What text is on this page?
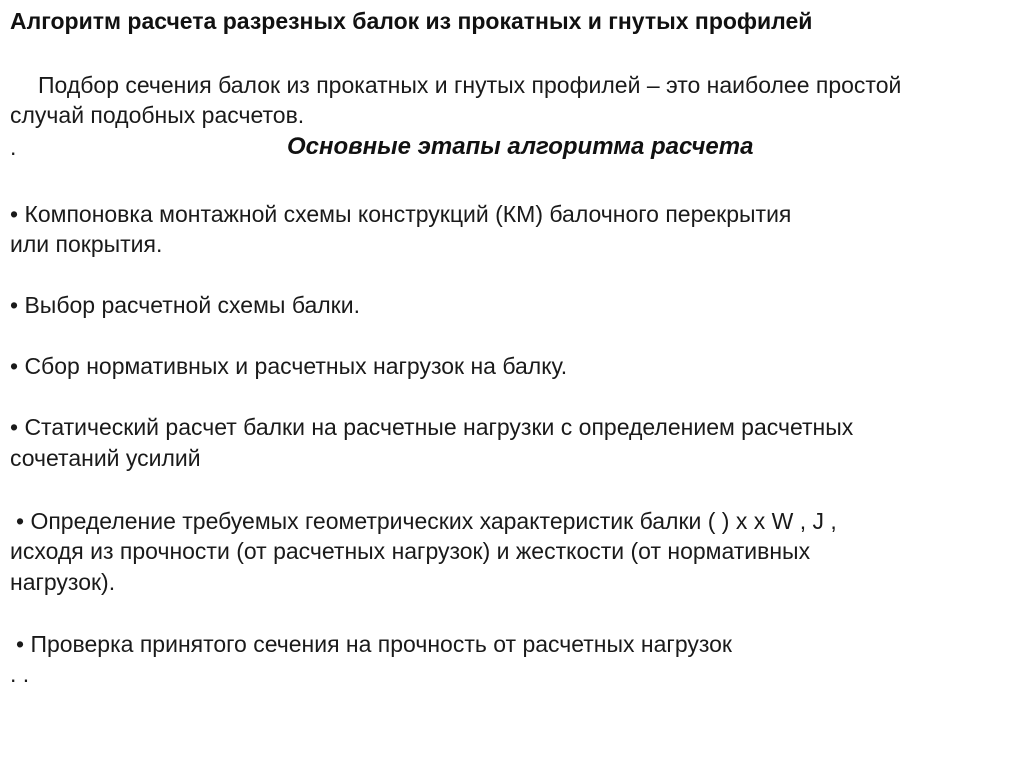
Алгоритм расчета разрезных балок из прокатных и гнутых профилей
Подбор сечения балок из прокатных и гнутых профилей – это наиболее простой
случай подобных расчетов.
.	Основные этапы алгоритма расчета
• Компоновка монтажной схемы конструкций (КМ) балочного перекрытия
или покрытия.
• Выбор расчетной схемы балки.
• Сбор нормативных и расчетных нагрузок на балку.
• Статический расчет балки на расчетные нагрузки с определением расчетных
сочетаний усилий
• Определение требуемых геометрических характеристик балки ( ) x x W , J ,
исходя из прочности (от расчетных нагрузок) и жесткости (от нормативных
нагрузок).
• Проверка принятого сечения на прочность от расчетных нагрузок
. .
